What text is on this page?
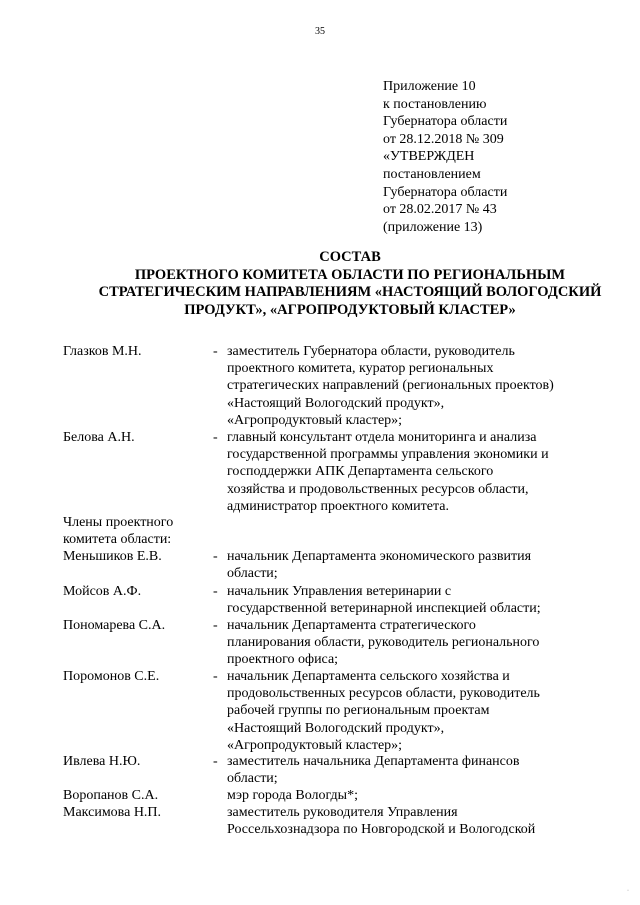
35
Приложение 10
к постановлению
Губернатора области
от 28.12.2018 № 309
«УТВЕРЖДЕН
постановлением
Губернатора области
от 28.02.2017 № 43
(приложение 13)
СОСТАВ
ПРОЕКТНОГО КОМИТЕТА ОБЛАСТИ ПО РЕГИОНАЛЬНЫМ
СТРАТЕГИЧЕСКИМ НАПРАВЛЕНИЯМ «НАСТОЯЩИЙ ВОЛОГОДСКИЙ
ПРОДУКТ», «АГРОПРОДУКТОВЫЙ КЛАСТЕР»
Глазков М.Н.	- заместитель Губернатора области, руководитель
проектного комитета, куратор региональных
стратегических направлений (региональных проектов)
«Настоящий Вологодский продукт»,
«Агропродуктовый кластер»;
Белова А.Н.	- главный консультант отдела мониторинга и анализа
государственной программы управления экономики и
господдержки АПК Департамента сельского
хозяйства и продовольственных ресурсов области,
администратор проектного комитета.
Члены проектного
комитета области:
Меньшиков Е.В.	- начальник Департамента экономического развития
области;
Мойсов А.Ф.	- начальник Управления ветеринарии с
государственной ветеринарной инспекцией области;
Пономарева С.А.	- начальник Департамента стратегического
планирования области, руководитель регионального
проектного офиса;
Поромонов С.Е.	- начальник Департамента сельского хозяйства и
продовольственных ресурсов области, руководитель
рабочей группы по региональным проектам
«Настоящий Вологодский продукт»,
«Агропродуктовый кластер»;
Ивлева Н.Ю.	- заместитель начальника Департамента финансов
области;
Воропанов С.А.	мэр города Вологды*;
Максимова Н.П.	заместитель руководителя Управления
Россельхознадзора по Новгородской и Вологодской
·
